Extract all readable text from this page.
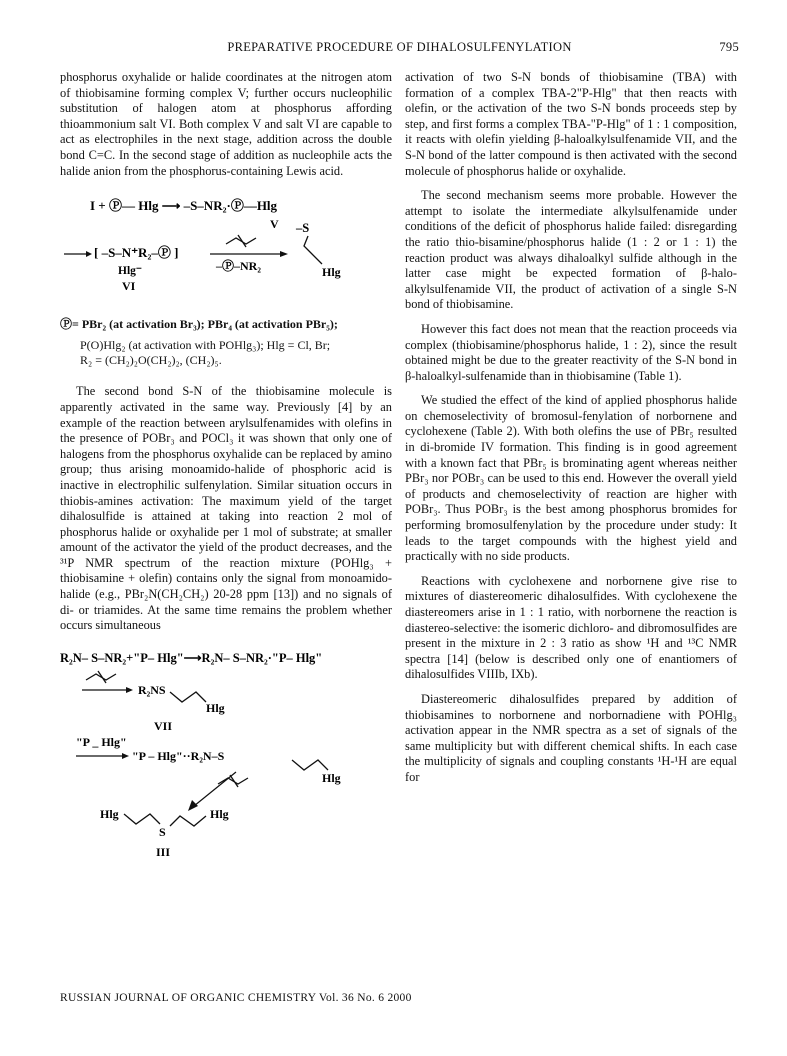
PREPARATIVE PROCEDURE OF DIHALOSULFENYLATION	795

phosphorus oxyhalide or halide coordinates at the nitrogen atom of thiobisamine forming complex V; further occurs nucleophilic substitution of halogen atom at phosphorus affording thioammonium salt VI. Both complex V and salt VI are capable to act as electrophiles in the next stage, addition across the double bond C=C. In the second stage of addition as nucleophile acts the halide anion from the phosphorus-containing Lewis acid.

I + Ⓟ— Hlg ⟶ –S–NR₂·Ⓟ—Hlg
V
[ –S–N⁺R₂–Ⓟ ]
Hlg⁻
VI
–Ⓟ–NR₂
–S
Hlg
Ⓟ= PBr₂ (at activation Br₃); PBr₄ (at activation PBr₅);
P(O)Hlg₂ (at activation with POHlg₃); Hlg = Cl, Br;
R₂ = (CH₂)₂O(CH₂)₂, (CH₂)₅.

The second bond S-N of the thiobisamine molecule is apparently activated in the same way. Previously [4] by an example of the reaction between arylsulfenamides with olefins in the presence of POBr₃ and POCl₃ it was shown that only one of halogens from the phosphorus oxyhalide can be replaced by amino group; thus arising monoamido-halide of phosphoric acid is inactive in electrophilic sulfenylation. Similar situation occurs in thiobis-amines activation: The maximum yield of the target dihalosulfide is attained at taking into reaction 2 mol of phosphorus halide or oxyhalide per 1 mol of substrate; at smaller amount of the activator the yield of the product decreases, and the ³¹P NMR spectrum of the reaction mixture (POHlg₃ + thiobisamine + olefin) contains only the signal from monoamido-halide (e.g., PBr₂N(CH₂CH₂) 20-28 ppm [13]) and no signals of di- or triamides. At the same time remains the problem whether occurs simultaneous

R₂N– S–NR₂+"P– Hlg"⟶R₂N– S–NR₂·"P– Hlg"
R₂NS
Hlg
VII
"P _ Hlg"
"P – Hlg"··R₂N–S
Hlg
Hlg
S
Hlg
III

activation of two S-N bonds of thiobisamine (TBA) with formation of a complex TBA-2"P-Hlg" that then reacts with olefin, or the activation of the two S-N bonds proceeds step by step, and first forms a complex TBA-"P-Hlg" of 1 : 1 composition, it reacts with olefin yielding β-haloalkylsulfenamide VII, and the S-N bond of the latter compound is then activated with the second molecule of phosphorus halide or oxyhalide.

The second mechanism seems more probable. However the attempt to isolate the intermediate alkylsulfenamide under conditions of the deficit of phosphorus halide failed: disregarding the ratio thio-bisamine/phosphorus halide (1 : 2 or 1 : 1) the reaction product was always dihaloalkyl sulfide although in the latter case might be expected formation of β-halo-alkylsulfenamide VII, the product of activation of a single S-N bond of thiobisamine.

However this fact does not mean that the reaction proceeds via complex (thiobisamine/phosphorus halide, 1 : 2), since the result obtained might be due to the greater reactivity of the S-N bond in β-haloalkyl-sulfenamide than in thiobisamine (Table 1).

We studied the effect of the kind of applied phosphorus halide on chemoselectivity of bromosul-fenylation of norbornene and cyclohexene (Table 2). With both olefins the use of PBr₅ resulted in di-bromide IV formation. This finding is in good agreement with a known fact that PBr₅ is brominating agent whereas neither PBr₃ nor POBr₃ can be used to this end. However the overall yield of products and chemoselectivity of reaction are higher with POBr₃. Thus POBr₃ is the best among phosphorus bromides for performing bromosulfenylation by the procedure under study: It leads to the target compounds with the highest yield and practically with no side products.

Reactions with cyclohexene and norbornene give rise to mixtures of diastereomeric dihalosulfides. With cyclohexene the diastereomers arise in 1 : 1 ratio, with norbornene the reaction is diastereo-selective: the isomeric dichloro- and dibromosulfides are present in the mixture in 2 : 3 ratio as show ¹H and ¹³C NMR spectra [14] (below is described only one of enantiomers of dihalosulfides VIIIb, IXb).

Diastereomeric dihalosulfides prepared by addition of thiobisamines to norbornene and norbornadiene with POHlg₃ activation appear in the NMR spectra as a set of signals of the same multiplicity but with different chemical shifts. In each case the multiplicity of signals and coupling constants ¹H-¹H are equal for

RUSSIAN JOURNAL OF ORGANIC CHEMISTRY Vol. 36 No. 6 2000
